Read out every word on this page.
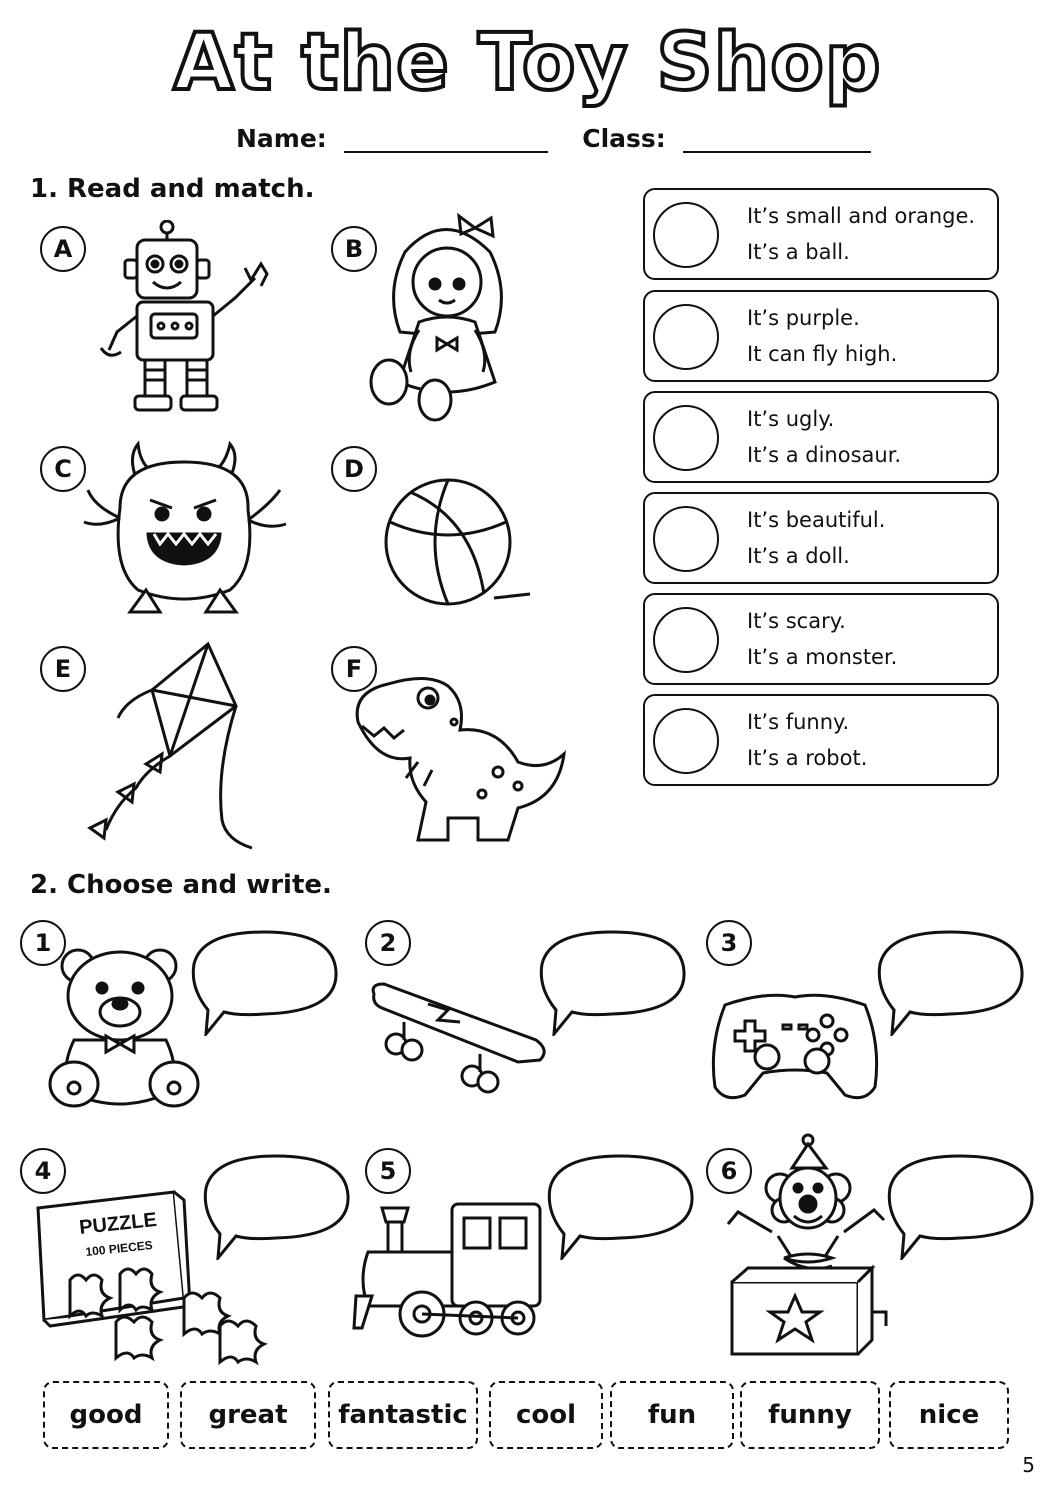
At the Toy Shop
Name:	Class:
1. Read and match.
A	B
C	D
E	F
It’s small and orange.
It’s a ball.
It’s purple.
It can fly high.
It’s ugly.
It’s a dinosaur.
It’s beautiful.
It’s a doll.
It’s scary.
It’s a monster.
It’s funny.
It’s a robot.
2. Choose and write.
1	2	3
4	5	6
PUZZLE
100 PIECES
good	great	fantastic	cool	fun	funny	nice
5
